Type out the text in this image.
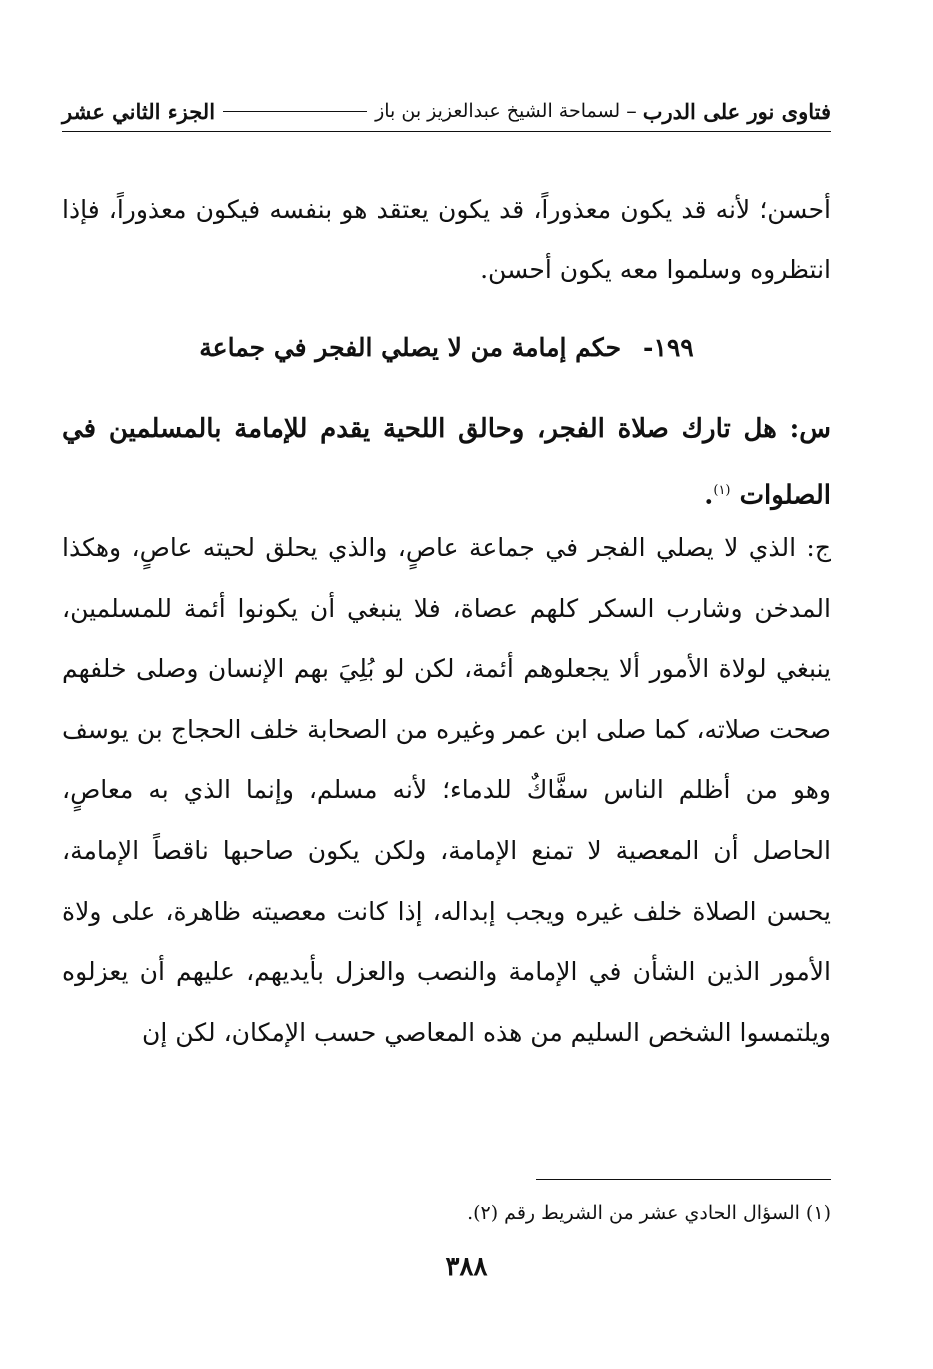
فتاوى نور على الدرب
–
لسماحة الشيخ عبدالعزيز بن باز
الجزء الثاني عشر

أحسن؛ لأنه قد يكون معذوراً، قد يكون يعتقد هو بنفسه فيكون معذوراً، فإذا انتظروه وسلموا معه يكون أحسن.

١٩٩-حكم إمامة من لا يصلي الفجر في جماعة

س: هل تارك صلاة الفجر، وحالق اللحية يقدم للإمامة بالمسلمين في الصلوات $^{(١)}$.

ج: الذي لا يصلي الفجر في جماعة عاصٍ، والذي يحلق لحيته عاصٍ، وهكذا المدخن وشارب السكر كلهم عصاة، فلا ينبغي أن يكونوا أئمة للمسلمين، ينبغي لولاة الأمور ألا يجعلوهم أئمة، لكن لو بُلِيَ بهم الإنسان وصلى خلفهم صحت صلاته، كما صلى ابن عمر وغيره من الصحابة خلف الحجاج بن يوسف وهو من أظلم الناس سفَّاكٌ للدماء؛ لأنه مسلم، وإنما الذي به معاصٍ، الحاصل أن المعصية لا تمنع الإمامة، ولكن يكون صاحبها ناقصاً الإمامة، يحسن الصلاة خلف غيره ويجب إبداله، إذا كانت معصيته ظاهرة، على ولاة الأمور الذين الشأن في الإمامة والنصب والعزل بأيديهم، عليهم أن يعزلوه ويلتمسوا الشخص السليم من هذه المعاصي حسب الإمكان، لكن إن

(١) السؤال الحادي عشر من الشريط رقم (٢).
٣٨٨
